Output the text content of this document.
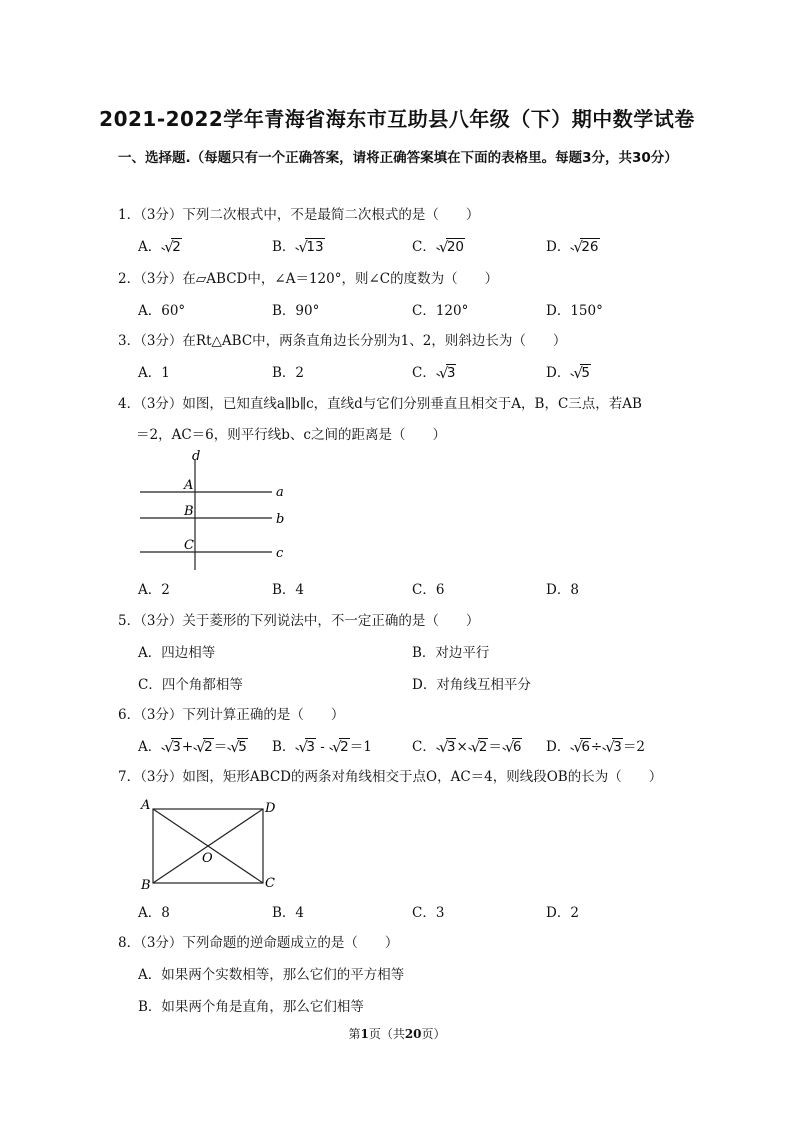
2021-2022学年青海省海东市互助县八年级（下）期中数学试卷
一、选择题.（每题只有一个正确答案，请将正确答案填在下面的表格里。每题3分，共30分）
1．（3分）下列二次根式中，不是最简二次根式的是（　　）
A． √
2	B． √
13	C． √
20	D． √
26
2．（3分）在▱ABCD中，∠A＝120°，则∠C的度数为（　　）
A．60°	B．90°	C．120°	D．150°
3．（3分）在Rt△ABC中，两条直角边长分别为1、2，则斜边长为（　　）
A．1	B．2	C． √
3	D． √
5
4．（3分）如图，已知直线a∥b∥c，直线d与它们分别垂直且相交于A，B，C三点，若AB
＝2，AC＝6，则平行线b、c之间的距离是（　　）
d
a
b
c
A
B
C
A．2	B．4	C．6	D．8
5．（3分）关于菱形的下列说法中，不一定正确的是（　　）
A．四边相等	B．对边平行
C．四个角都相等	D．对角线互相平分
6．（3分）下列计算正确的是（　　）
A． √
3+ √
2＝ √
5 B． √
3 - √
2＝1	C． √
3× √
2＝ √
6 D． √
6÷ √
3＝2
7．（3分）如图，矩形ABCD的两条对角线相交于点O，AC＝4，则线段OB的长为（　　）
A	D
B	C
O
A．8	B．4	C．3	D．2
8．（3分）下列命题的逆命题成立的是（　　）
A．如果两个实数相等，那么它们的平方相等
B．如果两个角是直角，那么它们相等
第1页（共20页）
